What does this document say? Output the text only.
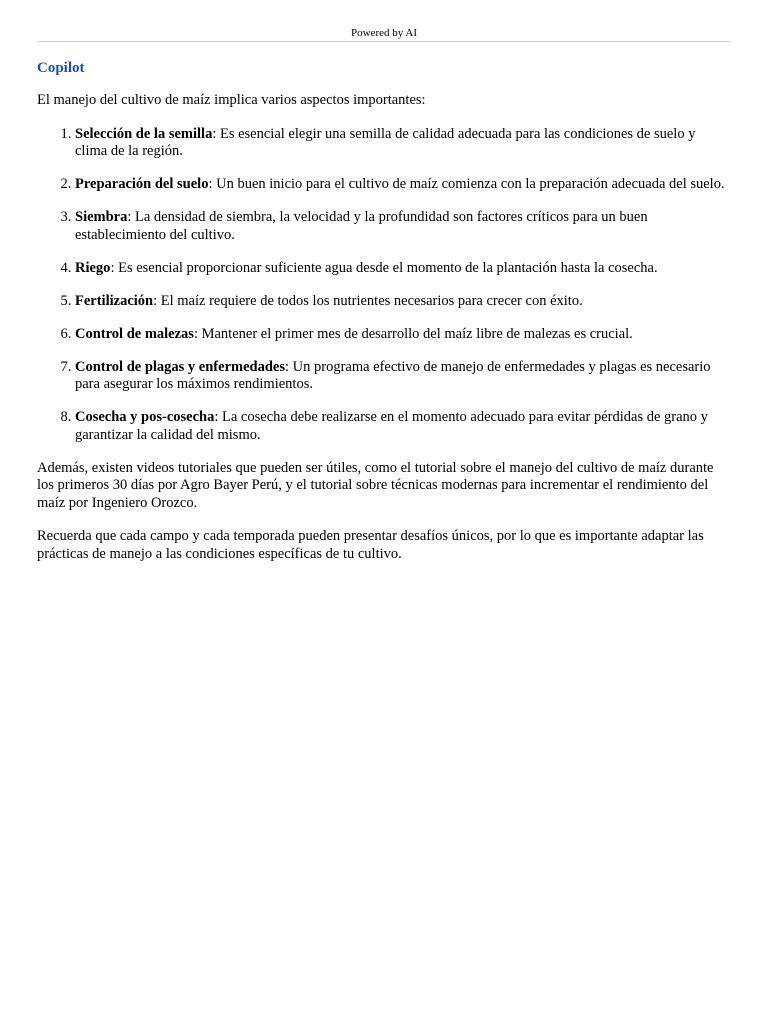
Powered by AI
Copilot
El manejo del cultivo de maíz implica varios aspectos importantes:
1. Selección de la semilla: Es esencial elegir una semilla de calidad adecuada para las condiciones de suelo y clima de la región.
2. Preparación del suelo: Un buen inicio para el cultivo de maíz comienza con la preparación adecuada del suelo.
3. Siembra: La densidad de siembra, la velocidad y la profundidad son factores críticos para un buen establecimiento del cultivo.
4. Riego: Es esencial proporcionar suficiente agua desde el momento de la plantación hasta la cosecha.
5. Fertilización: El maíz requiere de todos los nutrientes necesarios para crecer con éxito.
6. Control de malezas: Mantener el primer mes de desarrollo del maíz libre de malezas es crucial.
7. Control de plagas y enfermedades: Un programa efectivo de manejo de enfermedades y plagas es necesario para asegurar los máximos rendimientos.
8. Cosecha y pos-cosecha: La cosecha debe realizarse en el momento adecuado para evitar pérdidas de grano y garantizar la calidad del mismo.
Además, existen videos tutoriales que pueden ser útiles, como el tutorial sobre el manejo del cultivo de maíz durante los primeros 30 días por Agro Bayer Perú, y el tutorial sobre técnicas modernas para incrementar el rendimiento del maíz por Ingeniero Orozco.
Recuerda que cada campo y cada temporada pueden presentar desafíos únicos, por lo que es importante adaptar las prácticas de manejo a las condiciones específicas de tu cultivo.
